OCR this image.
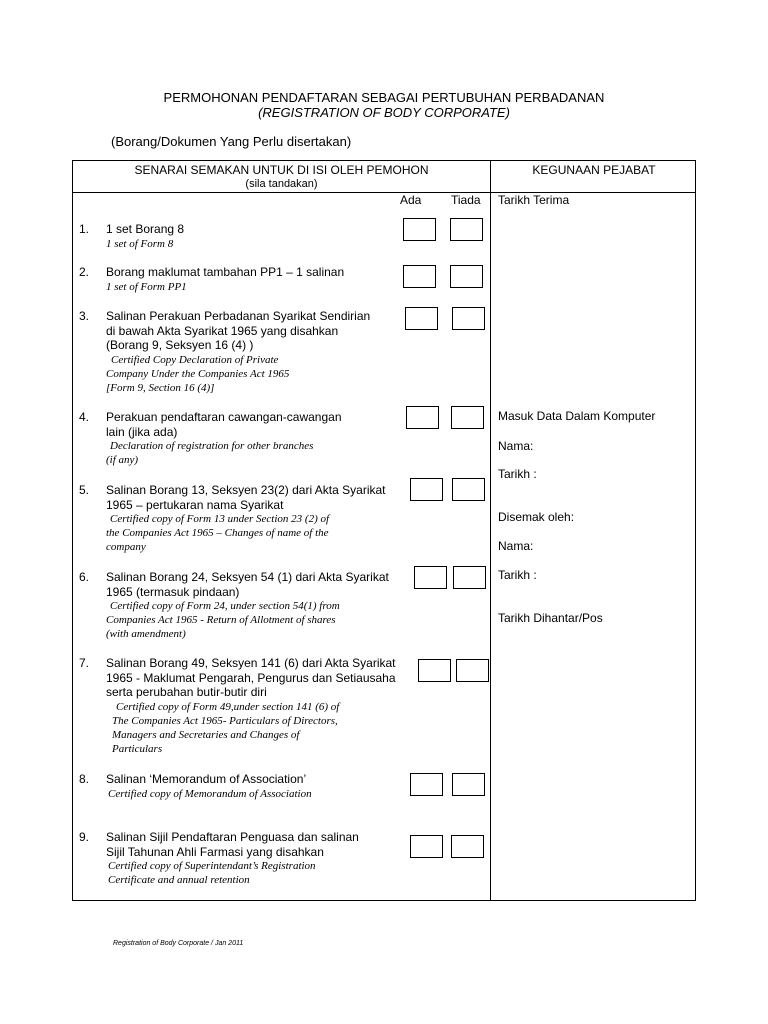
PERMOHONAN PENDAFTARAN SEBAGAI PERTUBUHAN PERBADANAN
(REGISTRATION OF BODY CORPORATE)
(Borang/Dokumen Yang Perlu disertakan)
SENARAI SEMAKAN UNTUK DI ISI OLEH PEMOHON
(sila tandakan)
KEGUNAAN PEJABAT
Ada Tiada
1. 1 set Borang 8
1 set of Form 8
2. Borang maklumat tambahan PP1 – 1 salinan
1 set of Form PP1
3. Salinan Perakuan Perbadanan Syarikat Sendirian
di bawah Akta Syarikat 1965 yang disahkan
(Borang 9, Seksyen 16 (4) )
Certified Copy Declaration of Private
Company Under the Companies Act 1965
[Form 9, Section 16 (4)]
4. Perakuan pendaftaran cawangan-cawangan
lain (jika ada)
Declaration of registration for other branches
(if any)
5. Salinan Borang 13, Seksyen 23(2) dari Akta Syarikat
1965 – pertukaran nama Syarikat
Certified copy of Form 13 under Section 23 (2) of
the Companies Act 1965 – Changes of name of the
company
6. Salinan Borang 24, Seksyen 54 (1) dari Akta Syarikat
1965 (termasuk pindaan)
Certified copy of Form 24, under section 54(1) from
Companies Act 1965 - Return of Allotment of shares
(with amendment)
7. Salinan Borang 49, Seksyen 141 (6) dari Akta Syarikat
1965 - Maklumat Pengarah, Pengurus dan Setiausaha
serta perubahan butir-butir diri
Certified copy of Form 49,under section 141 (6) of
The Companies Act 1965- Particulars of Directors,
Managers and Secretaries and Changes of
Particulars
8. Salinan ‘Memorandum of Association’
Certified copy of Memorandum of Association
9. Salinan Sijil Pendaftaran Penguasa dan salinan
Sijil Tahunan Ahli Farmasi yang disahkan
Certified copy of Superintendant’s Registration
Certificate and annual retention
Tarikh Terima
Masuk Data Dalam Komputer
Nama:
Tarikh :
Disemak oleh:
Nama:
Tarikh :
Tarikh Dihantar/Pos
Registration of Body Corporate / Jan 2011
